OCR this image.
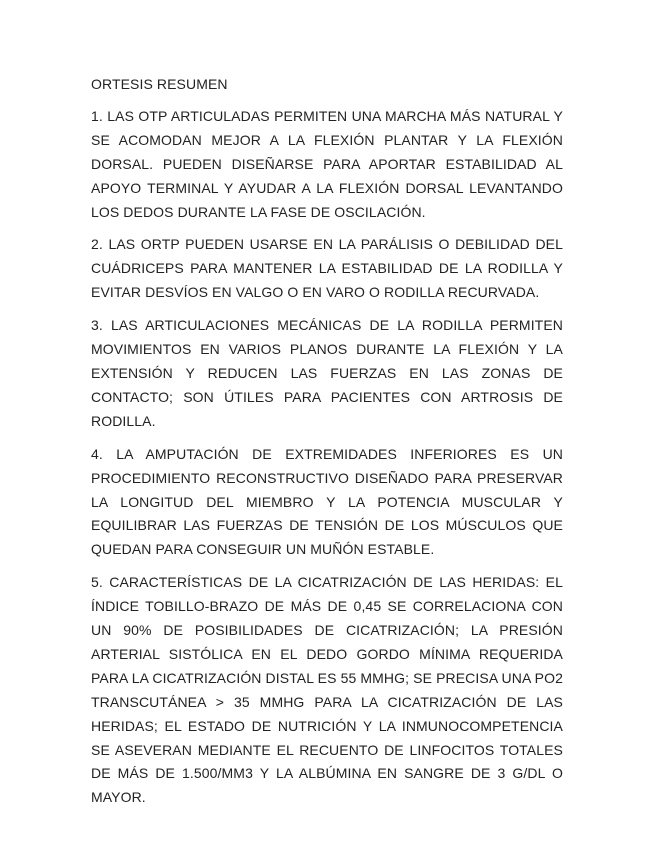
ORTESIS RESUMEN

1. LAS OTP ARTICULADAS PERMITEN UNA MARCHA MÁS NATURAL Y SE ACOMODAN MEJOR A LA FLEXIÓN PLANTAR Y LA FLEXIÓN DORSAL. PUEDEN DISEÑARSE PARA APORTAR ESTABILIDAD AL APOYO TERMINAL Y AYUDAR A LA FLEXIÓN DORSAL LEVANTANDO LOS DEDOS DURANTE LA FASE DE OSCILACIÓN.

2. LAS ORTP PUEDEN USARSE EN LA PARÁLISIS O DEBILIDAD DEL CUÁDRICEPS PARA MANTENER LA ESTABILIDAD DE LA RODILLA Y EVITAR DESVÍOS EN VALGO O EN VARO O RODILLA RECURVADA.

3. LAS ARTICULACIONES MECÁNICAS DE LA RODILLA PERMITEN MOVIMIENTOS EN VARIOS PLANOS DURANTE LA FLEXIÓN Y LA EXTENSIÓN Y REDUCEN LAS FUERZAS EN LAS ZONAS DE CONTACTO; SON ÚTILES PARA PACIENTES CON ARTROSIS DE RODILLA.

4. LA AMPUTACIÓN DE EXTREMIDADES INFERIORES ES UN PROCEDIMIENTO RECONSTRUCTIVO DISEÑADO PARA PRESERVAR LA LONGITUD DEL MIEMBRO Y LA POTENCIA MUSCULAR Y EQUILIBRAR LAS FUERZAS DE TENSIÓN DE LOS MÚSCULOS QUE QUEDAN PARA CONSEGUIR UN MUÑÓN ESTABLE.

5. CARACTERÍSTICAS DE LA CICATRIZACIÓN DE LAS HERIDAS: EL ÍNDICE TOBILLO-BRAZO DE MÁS DE 0,45 SE CORRELACIONA CON UN 90% DE POSIBILIDADES DE CICATRIZACIÓN; LA PRESIÓN ARTERIAL SISTÓLICA EN EL DEDO GORDO MÍNIMA REQUERIDA PARA LA CICATRIZACIÓN DISTAL ES 55 MMHG; SE PRECISA UNA PO2 TRANSCUTÁNEA > 35 MMHG PARA LA CICATRIZACIÓN DE LAS HERIDAS; EL ESTADO DE NUTRICIÓN Y LA INMUNOCOMPETENCIA SE ASEVERAN MEDIANTE EL RECUENTO DE LINFOCITOS TOTALES DE MÁS DE 1.500/MM3 Y LA ALBÚMINA EN SANGRE DE 3 G/DL O MAYOR.
